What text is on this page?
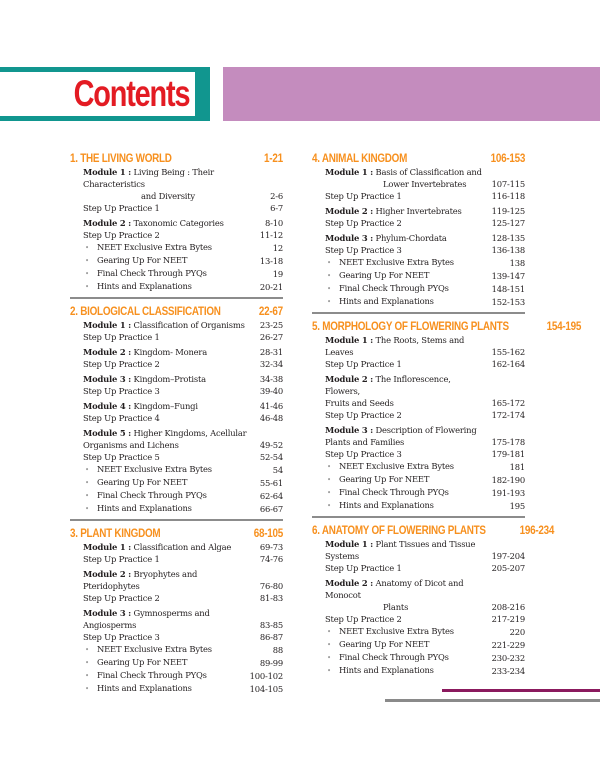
Contents
1. THE LIVING WORLD	1-21
Module 1 : Living Being : Their Characteristics
and Diversity	2-6
Step Up Practice 1	6-7
Module 2 : Taxonomic Categories	8-10
Step Up Practice 2	11-12
• NEET Exclusive Extra Bytes	12
• Gearing Up For NEET	13-18
• Final Check Through PYQs	19
• Hints and Explanations	20-21
2. BIOLOGICAL CLASSIFICATION	22-67
Module 1 : Classification of Organisms	23-25
Step Up Practice 1	26-27
Module 2 : Kingdom- Monera	28-31
Step Up Practice 2	32-34
Module 3 : Kingdom–Protista	34-38
Step Up Practice 3	39-40
Module 4 : Kingdom–Fungi	41-46
Step Up Practice 4	46-48
Module 5 : Higher Kingdoms, Acellular
Organisms and Lichens	49-52
Step Up Practice 5	52-54
• NEET Exclusive Extra Bytes	54
• Gearing Up For NEET	55-61
• Final Check Through PYQs	62-64
• Hints and Explanations	66-67
3. PLANT KINGDOM	68-105
Module 1 : Classification and Algae	69-73
Step Up Practice 1	74-76
Module 2 : Bryophytes and Pteridophytes	76-80
Step Up Practice 2	81-83
Module 3 : Gymnosperms and Angiosperms	83-85
Step Up Practice 3	86-87
• NEET Exclusive Extra Bytes	88
• Gearing Up For NEET	89-99
• Final Check Through PYQs	100-102
• Hints and Explanations	104-105
4. ANIMAL KINGDOM	106-153
Module 1 : Basis of Classification and
Lower Invertebrates	107-115
Step Up Practice 1	116-118
Module 2 : Higher Invertebrates	119-125
Step Up Practice 2	125-127
Module 3 : Phylum-Chordata	128-135
Step Up Practice 3	136-138
• NEET Exclusive Extra Bytes	138
• Gearing Up For NEET	139-147
• Final Check Through PYQs	148-151
• Hints and Explanations	152-153
5. MORPHOLOGY OF FLOWERING PLANTS	154-195
Module 1 : The Roots, Stems and Leaves	155-162
Step Up Practice 1	162-164
Module 2 : The Inflorescence, Flowers,
Fruits and Seeds	165-172
Step Up Practice 2	172-174
Module 3 : Description of Flowering
Plants and Families	175-178
Step Up Practice 3	179-181
• NEET Exclusive Extra Bytes	181
• Gearing Up For NEET	182-190
• Final Check Through PYQs	191-193
• Hints and Explanations	195
6. ANATOMY OF FLOWERING PLANTS	196-234
Module 1 : Plant Tissues and Tissue Systems	197-204
Step Up Practice 1	205-207
Module 2 : Anatomy of Dicot and Monocot
Plants	208-216
Step Up Practice 2	217-219
• NEET Exclusive Extra Bytes	220
• Gearing Up For NEET	221-229
• Final Check Through PYQs	230-232
• Hints and Explanations	233-234
